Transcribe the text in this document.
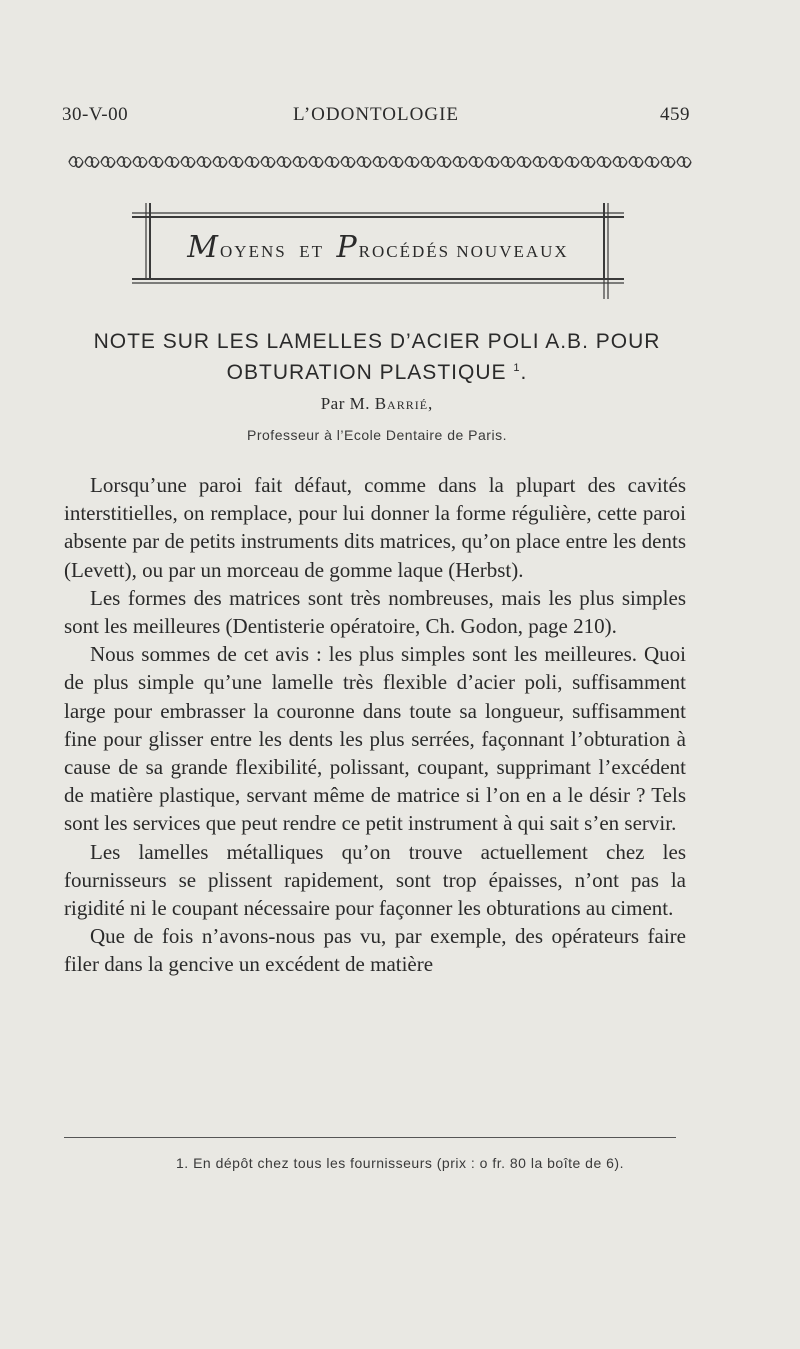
30-V-00	L’ODONTOLOGIE	459
MOYENS ET PROCÉDÉS NOUVEAUX
NOTE SUR LES LAMELLES D’ACIER POLI A.B. POUR
OBTURATION PLASTIQUE $^1$.
Par M. Barrié,
Professeur à l’Ecole Dentaire de Paris.

Lorsqu’une paroi fait défaut, comme dans la plupart des cavités interstitielles, on remplace, pour lui donner la forme régulière, cette paroi absente par de petits instruments dits matrices, qu’on place entre les dents (Levett), ou par un morceau de gomme laque (Herbst).

Les formes des matrices sont très nombreuses, mais les plus simples sont les meilleures (Dentisterie opératoire, Ch. Godon, page 210).

Nous sommes de cet avis : les plus simples sont les meilleures. Quoi de plus simple qu’une lamelle très flexible d’acier poli, suffisamment large pour embrasser la couronne dans toute sa longueur, suffisamment fine pour glisser entre les dents les plus serrées, façonnant l’obturation à cause de sa grande flexibilité, polissant, coupant, supprimant l’excédent de matière plastique, servant même de matrice si l’on en a le désir ? Tels sont les services que peut rendre ce petit instrument à qui sait s’en servir.

Les lamelles métalliques qu’on trouve actuellement chez les fournisseurs se plissent rapidement, sont trop épaisses, n’ont pas la rigidité ni le coupant nécessaire pour façonner les obturations au ciment.

Que de fois n’avons-nous pas vu, par exemple, des opérateurs faire filer dans la gencive un excédent de matière

1. En dépôt chez tous les fournisseurs (prix : o fr. 80 la boîte de 6).
